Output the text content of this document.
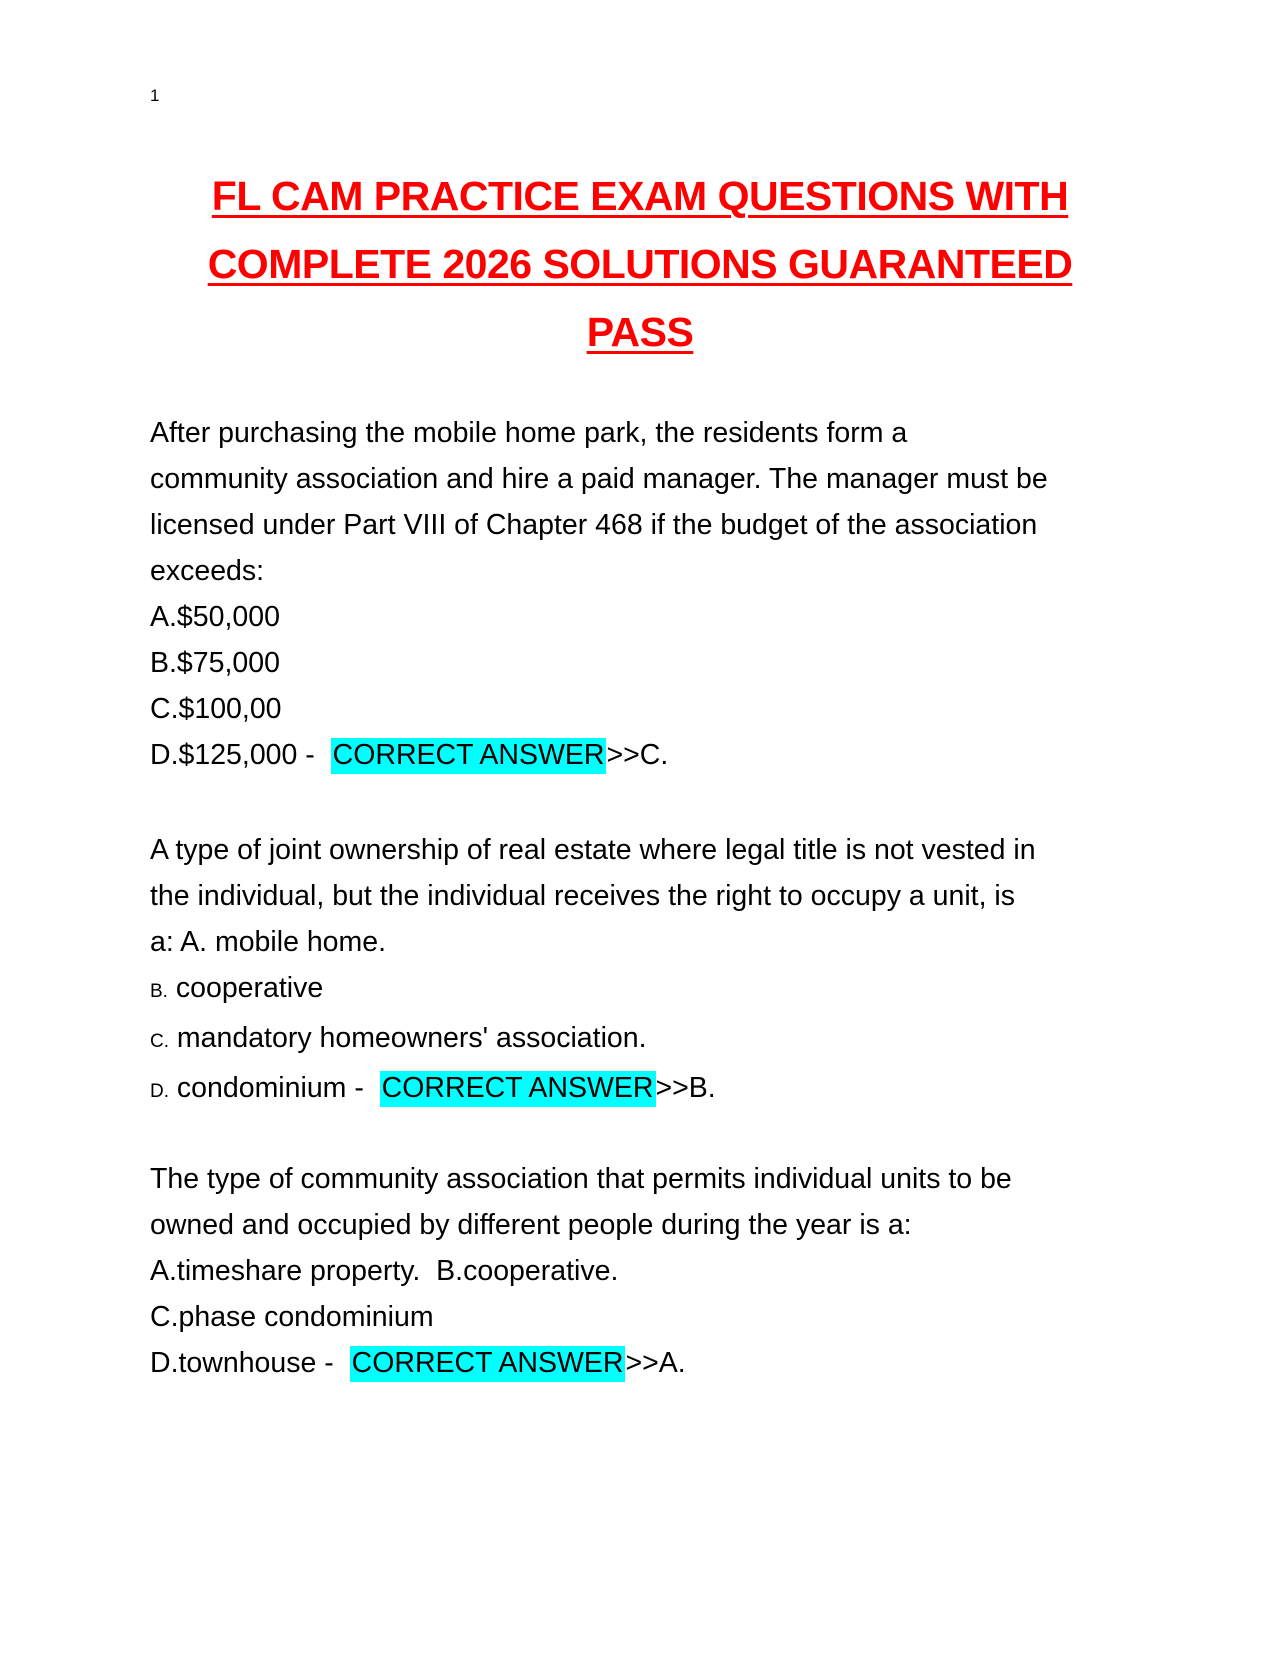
1
FL CAM PRACTICE EXAM QUESTIONS WITH
COMPLETE 2026 SOLUTIONS GUARANTEED
PASS
After purchasing the mobile home park, the residents form a
community association and hire a paid manager. The manager must be
licensed under Part VIII of Chapter 468 if the budget of the association
exceeds:
A.$50,000
B.$75,000
C.$100,00
D.$125,000 -  CORRECT ANSWER>>C.
A type of joint ownership of real estate where legal title is not vested in
the individual, but the individual receives the right to occupy a unit, is
a: A. mobile home.
B. cooperative
C. mandatory homeowners' association.
D. condominium -  CORRECT ANSWER>>B.
The type of community association that permits individual units to be
owned and occupied by different people during the year is a:
A.timeshare property.  B.cooperative.
C.phase condominium
D.townhouse -  CORRECT ANSWER>>A.
